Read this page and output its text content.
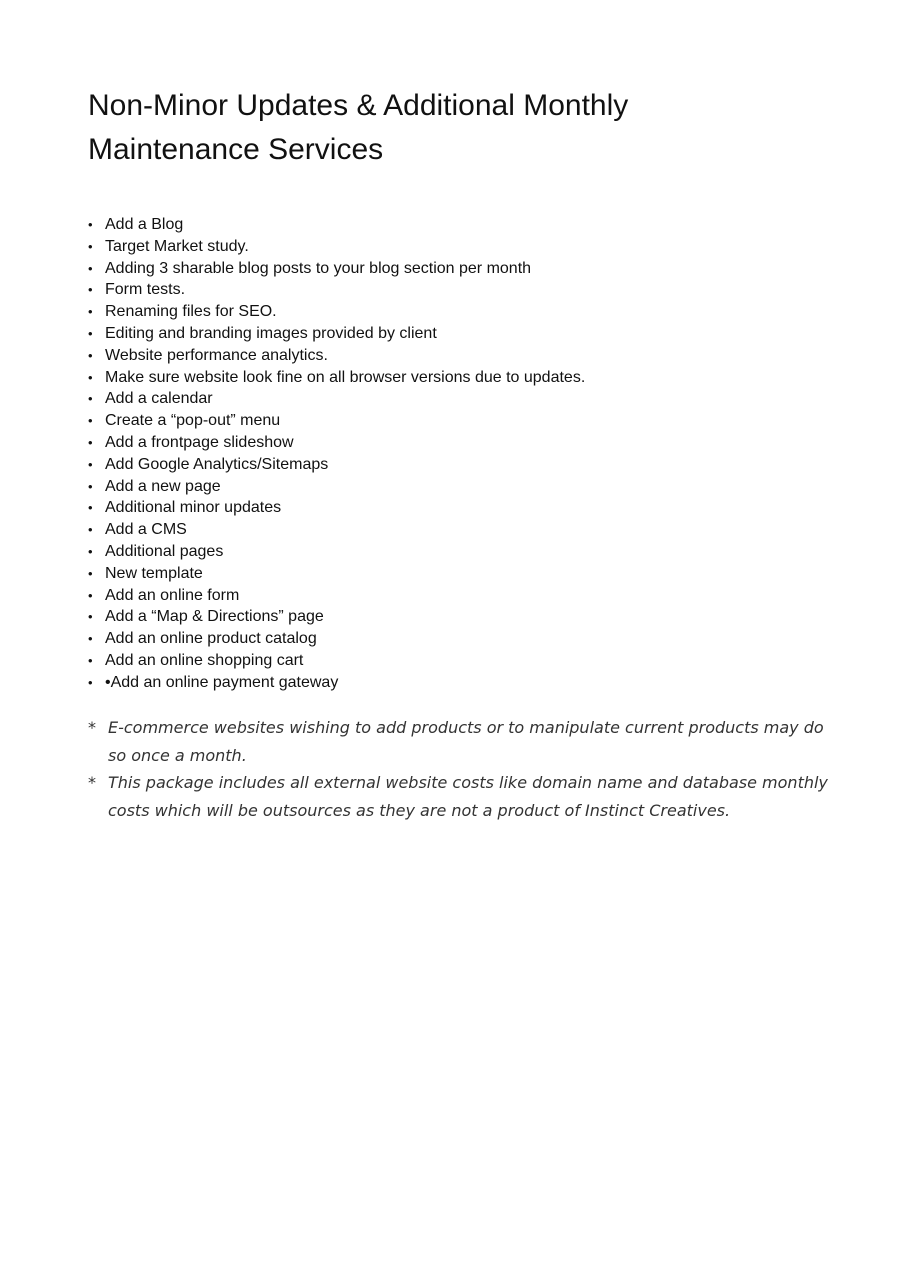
Non-Minor Updates & Additional Monthly
Maintenance Services
• Add a Blog
• Target Market study.
• Adding 3 sharable blog posts to your blog section per month
• Form tests.
• Renaming files for SEO.
• Editing and branding images provided by client
• Website performance analytics.
• Make sure website look fine on all browser versions due to updates.
• Add a calendar
• Create a “pop-out” menu
• Add a frontpage slideshow
• Add Google Analytics/Sitemaps
• Add a new page
• Additional minor updates
• Add a CMS
• Additional pages
• New template
• Add an online form
• Add a “Map & Directions” page
• Add an online product catalog
• Add an online shopping cart
• •Add an online payment gateway

* E-commerce websites wishing to add products or to manipulate current products may do so once a month.

* This package includes all external website costs like domain name and database monthly costs which will be outsources as they are not a product of Instinct Creatives.
